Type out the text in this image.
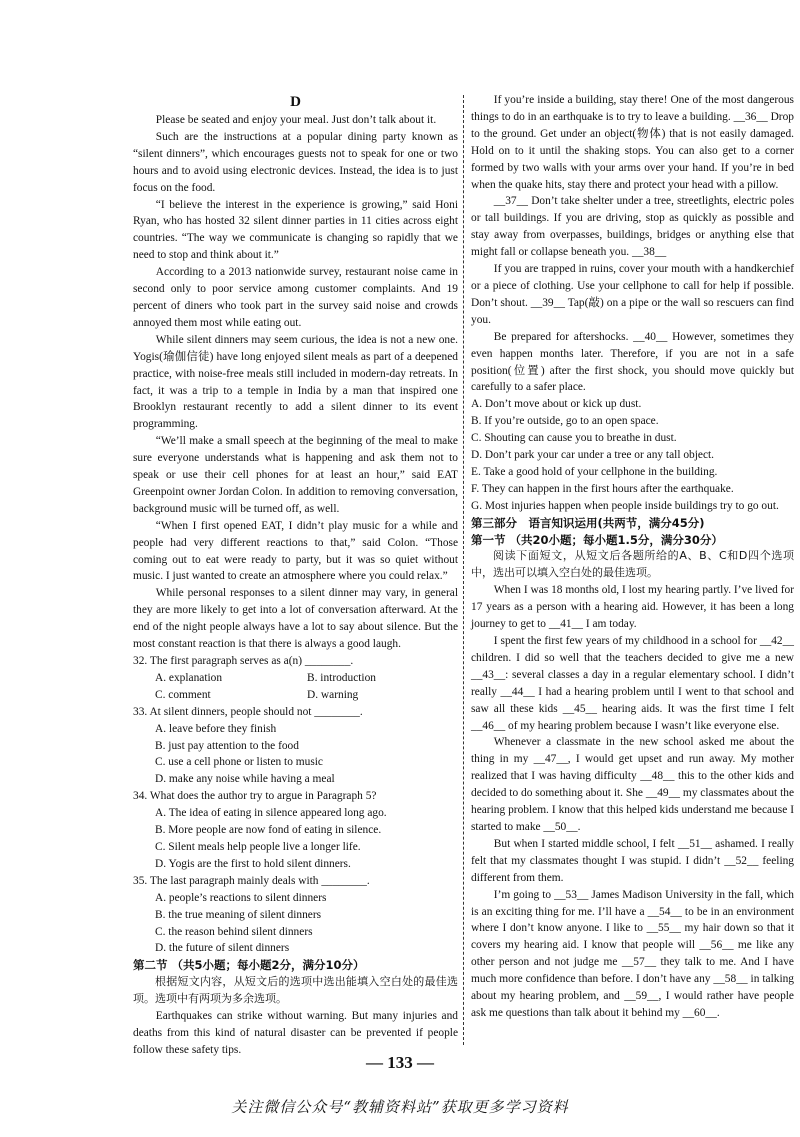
D

Please be seated and enjoy your meal. Just don’t talk about it.

Such are the instructions at a popular dining party known as “silent dinners”, which encourages guests not to speak for one or two hours and to avoid using electronic devices. Instead, the idea is to just focus on the food.

“I believe the interest in the experience is growing,” said Honi Ryan, who has hosted 32 silent dinner parties in 11 cities across eight countries. “The way we communicate is changing so rapidly that we need to stop and think about it.”

According to a 2013 nationwide survey, restaurant noise came in second only to poor service among customer complaints. And 19 percent of diners who took part in the survey said noise and crowds annoyed them most while eating out.

While silent dinners may seem curious, the idea is not a new one. Yogis(瑜伽信徒) have long enjoyed silent meals as part of a deepened practice, with noise-free meals still included in modern-day retreats. In fact, it was a trip to a temple in India by a man that inspired one Brooklyn restaurant recently to add a silent dinner to its event programming.

“We’ll make a small speech at the beginning of the meal to make sure everyone understands what is happening and ask them not to speak or use their cell phones for at least an hour,” said EAT Greenpoint owner Jordan Colon. In addition to removing conversation, background music will be turned off, as well.

“When I first opened EAT, I didn’t play music for a while and people had very different reactions to that,” said Colon. “Those coming out to eat were ready to party, but it was so quiet without music. I just wanted to create an atmosphere where you could relax.”

While personal responses to a silent dinner may vary, in general they are more likely to get into a lot of conversation afterward. At the end of the night people always have a lot to say about silence. But the most constant reaction is that there is always a good laugh.

32. The first paragraph serves as a(n) ________.

A. explanation	B. introduction
C. comment	D. warning

33. At silent dinners, people should not ________.

A. leave before they finish

B. just pay attention to the food

C. use a cell phone or listen to music

D. make any noise while having a meal

34. What does the author try to argue in Paragraph 5?

A. The idea of eating in silence appeared long ago.

B. More people are now fond of eating in silence.

C. Silent meals help people live a longer life.

D. Yogis are the first to hold silent dinners.

35. The last paragraph mainly deals with ________.

A. people’s reactions to silent dinners

B. the true meaning of silent dinners

C. the reason behind silent dinners

D. the future of silent dinners

第二节 （共5小题；每小题2分，满分10分）

根据短文内容，从短文后的选项中选出能填入空白处的最佳选项。选项中有两项为多余选项。

Earthquakes can strike without warning. But many injuries and deaths from this kind of natural disaster can be prevented if people follow these safety tips.

If you’re inside a building, stay there! One of the most dangerous things to do in an earthquake is to try to leave a building. __36__ Drop to the ground. Get under an object(物体) that is not easily damaged. Hold on to it until the shaking stops. You can also get to a corner formed by two walls with your arms over your hand. If you’re in bed when the quake hits, stay there and protect your head with a pillow.

__37__ Don’t take shelter under a tree, streetlights, electric poles or tall buildings. If you are driving, stop as quickly as possible and stay away from overpasses, buildings, bridges or anything else that might fall or collapse beneath you. __38__

If you are trapped in ruins, cover your mouth with a handkerchief or a piece of clothing. Use your cellphone to call for help if possible. Don’t shout. __39__ Tap(敲) on a pipe or the wall so rescuers can find you.

Be prepared for aftershocks. __40__ However, sometimes they even happen months later. Therefore, if you are not in a safe position(位置) after the first shock, you should move quickly but carefully to a safer place.

A. Don’t move about or kick up dust.

B. If you’re outside, go to an open space.

C. Shouting can cause you to breathe in dust.

D. Don’t park your car under a tree or any tall object.

E. Take a good hold of your cellphone in the building.

F. They can happen in the first hours after the earthquake.

G. Most injuries happen when people inside buildings try to go out.

第三部分　语言知识运用(共两节，满分45分)

第一节 （共20小题；每小题1.5分，满分30分）

阅读下面短文，从短文后各题所给的A、B、C和D四个选项中，选出可以填入空白处的最佳选项。

When I was 18 months old, I lost my hearing partly. I’ve lived for 17 years as a person with a hearing aid. However, it has been a long journey to get to __41__ I am today.

I spent the first few years of my childhood in a school for __42__ children. I did so well that the teachers decided to give me a new __43__: several classes a day in a regular elementary school. I didn’t really __44__ I had a hearing problem until I went to that school and saw all these kids __45__ hearing aids. It was the first time I felt __46__ of my hearing problem because I wasn’t like everyone else.

Whenever a classmate in the new school asked me about the thing in my __47__, I would get upset and run away. My mother realized that I was having difficulty __48__ this to the other kids and decided to do something about it. She __49__ my classmates about the hearing problem. I know that this helped kids understand me because I started to make __50__.

But when I started middle school, I felt __51__ ashamed. I really felt that my classmates thought I was stupid. I didn’t __52__ feeling different from them.

I’m going to __53__ James Madison University in the fall, which is an exciting thing for me. I’ll have a __54__ to be in an environment where I don’t know anyone. I like to __55__ my hair down so that it covers my hearing aid. I know that people will __56__ me like any other person and not judge me __57__ they talk to me. And I have much more confidence than before. I don’t have any __58__ in talking about my hearing problem, and __59__, I would rather have people ask me questions than talk about it behind my __60__.

— 133 —
关注微信公众号“教辅资料站”获取更多学习资料
